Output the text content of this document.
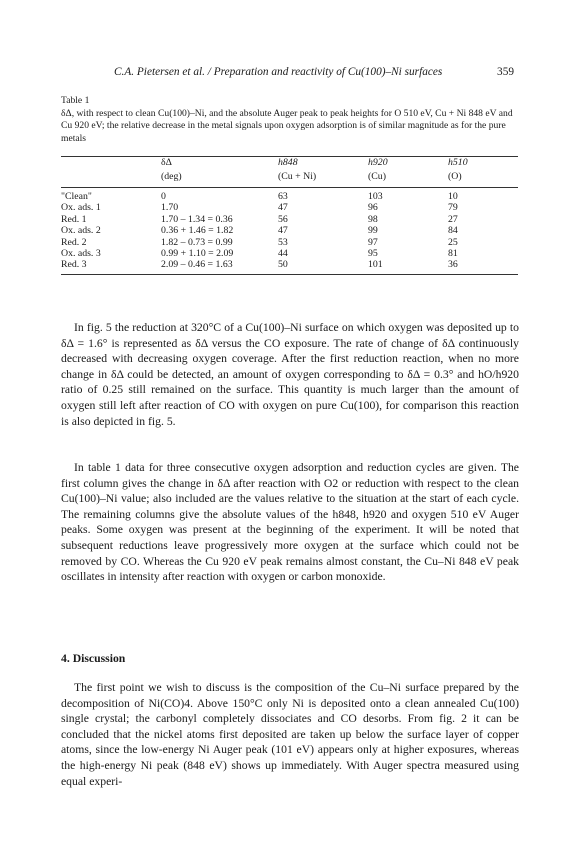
C.A. Pietersen et al. / Preparation and reactivity of Cu(100)–Ni surfaces	359
Table 1
δΔ, with respect to clean Cu(100)–Ni, and the absolute Auger peak to peak heights for O 510 eV, Cu + Ni 848 eV and Cu 920 eV; the relative decrease in the metal signals upon oxygen adsorption is of similar magnitude as for the pure metals
	δΔ	h848	h920	h510
	(deg)	(Cu + Ni)	(Cu)	(O)

"Clean"	0	63	103	10
Ox. ads. 1	1.70	47	96	79
Red. 1	1.70 – 1.34 = 0.36	56	98	27
Ox. ads. 2	0.36 + 1.46 = 1.82	47	99	84
Red. 2	1.82 – 0.73 = 0.99	53	97	25
Ox. ads. 3	0.99 + 1.10 = 2.09	44	95	81
Red. 3	2.09 – 0.46 = 1.63	50	101	36

In fig. 5 the reduction at 320°C of a Cu(100)–Ni surface on which oxygen was deposited up to δΔ = 1.6° is represented as δΔ versus the CO exposure. The rate of change of δΔ continuously decreased with decreasing oxygen coverage. After the first reduction reaction, when no more change in δΔ could be detected, an amount of oxygen corresponding to δΔ = 0.3° and hO/h920 ratio of 0.25 still remained on the surface. This quantity is much larger than the amount of oxygen still left after reaction of CO with oxygen on pure Cu(100), for comparison this reaction is also depicted in fig. 5.

In table 1 data for three consecutive oxygen adsorption and reduction cycles are given. The first column gives the change in δΔ after reaction with O2 or reduction with respect to the clean Cu(100)–Ni value; also included are the values relative to the situation at the start of each cycle. The remaining columns give the absolute values of the h848, h920 and oxygen 510 eV Auger peaks. Some oxygen was present at the beginning of the experiment. It will be noted that subsequent reductions leave progressively more oxygen at the surface which could not be removed by CO. Whereas the Cu 920 eV peak remains almost constant, the Cu–Ni 848 eV peak oscillates in intensity after reaction with oxygen or carbon monoxide.

4. Discussion

The first point we wish to discuss is the composition of the Cu–Ni surface prepared by the decomposition of Ni(CO)4. Above 150°C only Ni is deposited onto a clean annealed Cu(100) single crystal; the carbonyl completely dissociates and CO desorbs. From fig. 2 it can be concluded that the nickel atoms first deposited are taken up below the surface layer of copper atoms, since the low-energy Ni Auger peak (101 eV) appears only at higher exposures, whereas the high-energy Ni peak (848 eV) shows up immediately. With Auger spectra measured using equal experi-
